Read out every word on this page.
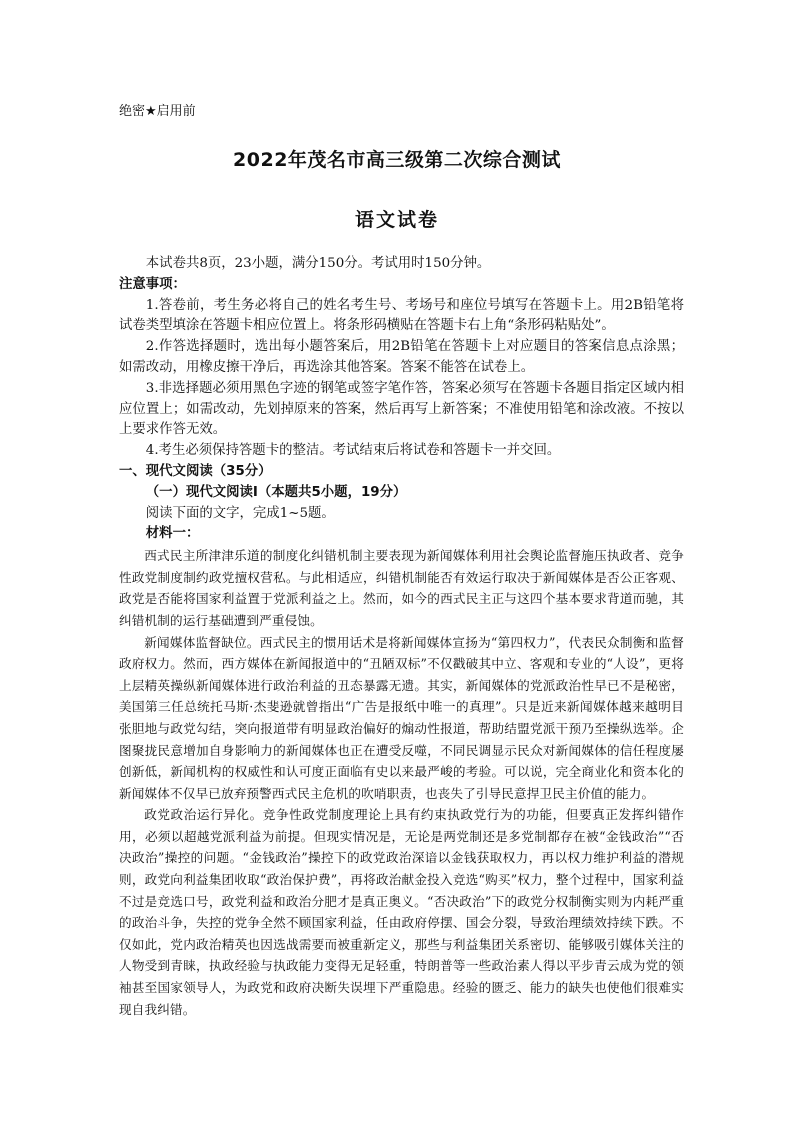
绝密★启用前
2022年茂名市高三级第二次综合测试
语文试卷

本试卷共8页，23小题，满分150分。考试用时150分钟。

注意事项：

1.答卷前，考生务必将自己的姓名考生号、考场号和座位号填写在答题卡上。用2B铅笔将试卷类型填涂在答题卡相应位置上。将条形码横贴在答题卡右上角“条形码粘贴处”。

2.作答选择题时，选出每小题答案后，用2B铅笔在答题卡上对应题目的答案信息点涂黑；如需改动，用橡皮擦干净后，再选涂其他答案。答案不能答在试卷上。

3.非选择题必须用黑色字迹的钢笔或签字笔作答，答案必须写在答题卡各题目指定区域内相应位置上；如需改动，先划掉原来的答案，然后再写上新答案；不准使用铅笔和涂改液。不按以上要求作答无效。

4.考生必须保持答题卡的整洁。考试结束后将试卷和答题卡一并交回。

一、现代文阅读（35分）

（一）现代文阅读Ⅰ（本题共5小题，19分）

阅读下面的文字，完成1~5题。

材料一：

西式民主所津津乐道的制度化纠错机制主要表现为新闻媒体利用社会舆论监督施压执政者、竞争性政党制度制约政党擅权营私。与此相适应，纠错机制能否有效运行取决于新闻媒体是否公正客观、政党是否能将国家利益置于党派利益之上。然而，如今的西式民主正与这四个基本要求背道而驰，其纠错机制的运行基础遭到严重侵蚀。

新闻媒体监督缺位。西式民主的惯用话术是将新闻媒体宣扬为“第四权力”，代表民众制衡和监督政府权力。然而，西方媒体在新闻报道中的“丑陋双标”不仅戳破其中立、客观和专业的“人设”，更将上层精英操纵新闻媒体进行政治利益的丑态暴露无遗。其实，新闻媒体的党派政治性早已不是秘密，美国第三任总统托马斯·杰斐逊就曾指出“广告是报纸中唯一的真理”。只是近来新闻媒体越来越明目张胆地与政党勾结，突向报道带有明显政治偏好的煽动性报道，帮助结盟党派干预乃至操纵选举。企图聚拢民意增加自身影响力的新闻媒体也正在遭受反噬，不同民调显示民众对新闻媒体的信任程度屡创新低，新闻机构的权威性和认可度正面临有史以来最严峻的考验。可以说，完全商业化和资本化的新闻媒体不仅早已放弃预警西式民主危机的吹哨职责，也丧失了引导民意捍卫民主价值的能力。

政党政治运行异化。竞争性政党制度理论上具有约束执政党行为的功能，但要真正发挥纠错作用，必须以超越党派利益为前提。但现实情况是，无论是两党制还是多党制都存在被“金钱政治”“否决政治”操控的问题。“金钱政治”操控下的政党政治深谙以金钱获取权力，再以权力维护利益的潜规则，政党向利益集团收取“政治保护费”，再将政治献金投入竞选“购买”权力，整个过程中，国家利益不过是竞选口号，政党利益和政治分肥才是真正奥义。“否决政治”下的政党分权制衡实则为内耗严重的政治斗争，失控的党争全然不顾国家利益，任由政府停摆、国会分裂，导致治理绩效持续下跌。不仅如此，党内政治精英也因选战需要而被重新定义，那些与利益集团关系密切、能够吸引媒体关注的人物受到青睐，执政经验与执政能力变得无足轻重，特朗普等一些政治素人得以平步青云成为党的领袖甚至国家领导人，为政党和政府决断失误埋下严重隐患。经验的匮乏、能力的缺失也使他们很难实现自我纠错。
